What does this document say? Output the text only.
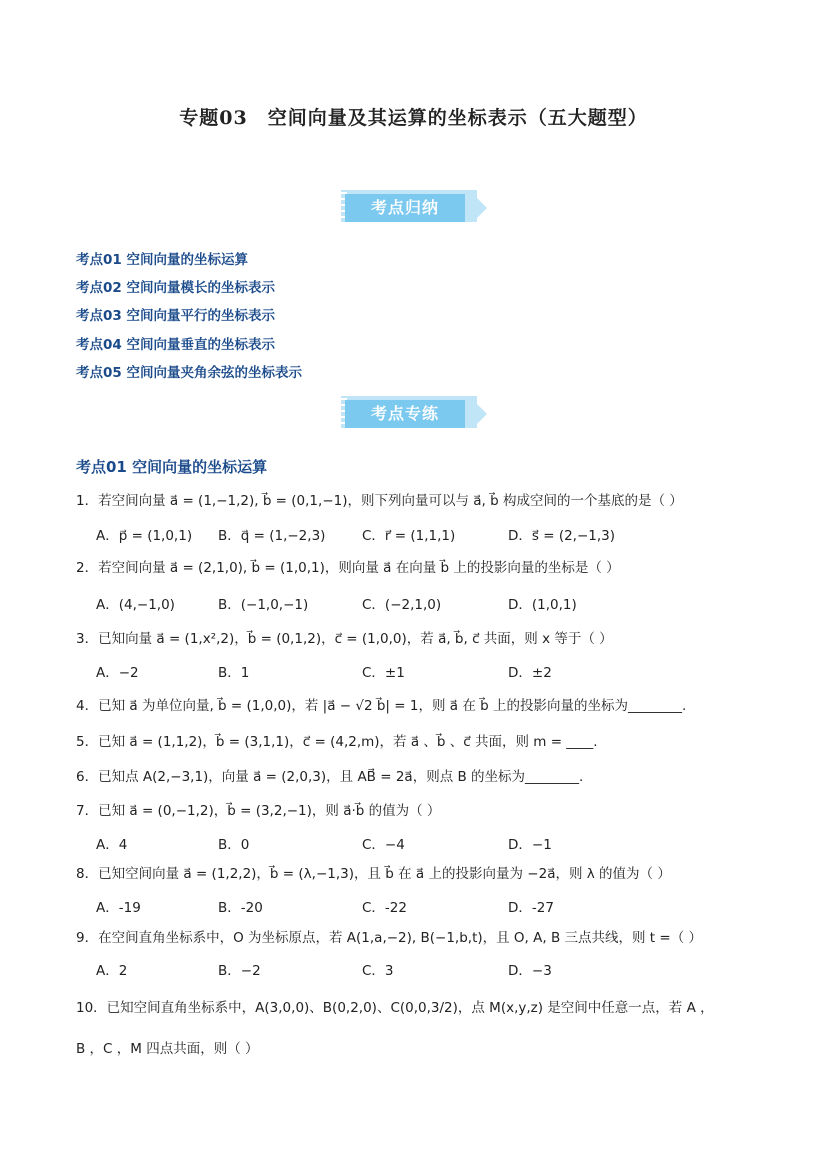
专题03　空间向量及其运算的坐标表示（五大题型）
考点归纳
考点01 空间向量的坐标运算
考点02 空间向量模长的坐标表示
考点03 空间向量平行的坐标表示
考点04 空间向量垂直的坐标表示
考点05 空间向量夹角余弦的坐标表示
考点专练
考点01 空间向量的坐标运算
1．若空间向量 a⃗ = (1,−1,2), b⃗ = (0,1,−1)，则下列向量可以与 a⃗, b⃗ 构成空间的一个基底的是（ ）
A．p⃗ = (1,0,1) B．q⃗ = (1,−2,3)	C．r⃗ = (1,1,1)	D．s⃗ = (2,−1,3)
2．若空间向量 a⃗ = (2,1,0), b⃗ = (1,0,1)，则向量 a⃗ 在向量 b⃗ 上的投影向量的坐标是（ ）
A．(4,−1,0)	B．(−1,0,−1)	C．(−2,1,0)	D．(1,0,1)
3．已知向量 a⃗ = (1,x²,2)，b⃗ = (0,1,2)，c⃗ = (1,0,0)，若 a⃗, b⃗, c⃗ 共面，则 x 等于（ ）
A．−2	B．1	C．±1	D．±2
4．已知 a⃗ 为单位向量, b⃗ = (1,0,0)，若 |a⃗ − √2 b⃗| = 1，则 a⃗ 在 b⃗ 上的投影向量的坐标为________.
5．已知 a⃗ = (1,1,2)，b⃗ = (3,1,1)，c⃗ = (4,2,m)，若 a⃗ 、b⃗ 、c⃗ 共面，则 m = ____.
6．已知点 A(2,−3,1)，向量 a⃗ = (2,0,3)，且 AB⃗ = 2a⃗，则点 B 的坐标为________.
7．已知 a⃗ = (0,−1,2)，b⃗ = (3,2,−1)，则 a⃗·b⃗ 的值为（ ）
A．4	B．0	C．−4	D．−1
8．已知空间向量 a⃗ = (1,2,2)，b⃗ = (λ,−1,3)，且 b⃗ 在 a⃗ 上的投影向量为 −2a⃗，则 λ 的值为（ ）
A．-19	B．-20	C．-22	D．-27
9．在空间直角坐标系中，O 为坐标原点，若 A(1,a,−2), B(−1,b,t)，且 O, A, B 三点共线，则 t =（ ）
A．2	B．−2	C．3	D．−3
10．已知空间直角坐标系中，A(3,0,0)、B(0,2,0)、C(0,0,3/2)，点 M(x,y,z) 是空间中任意一点，若 A ，
B ，C ，M 四点共面，则（ ）
